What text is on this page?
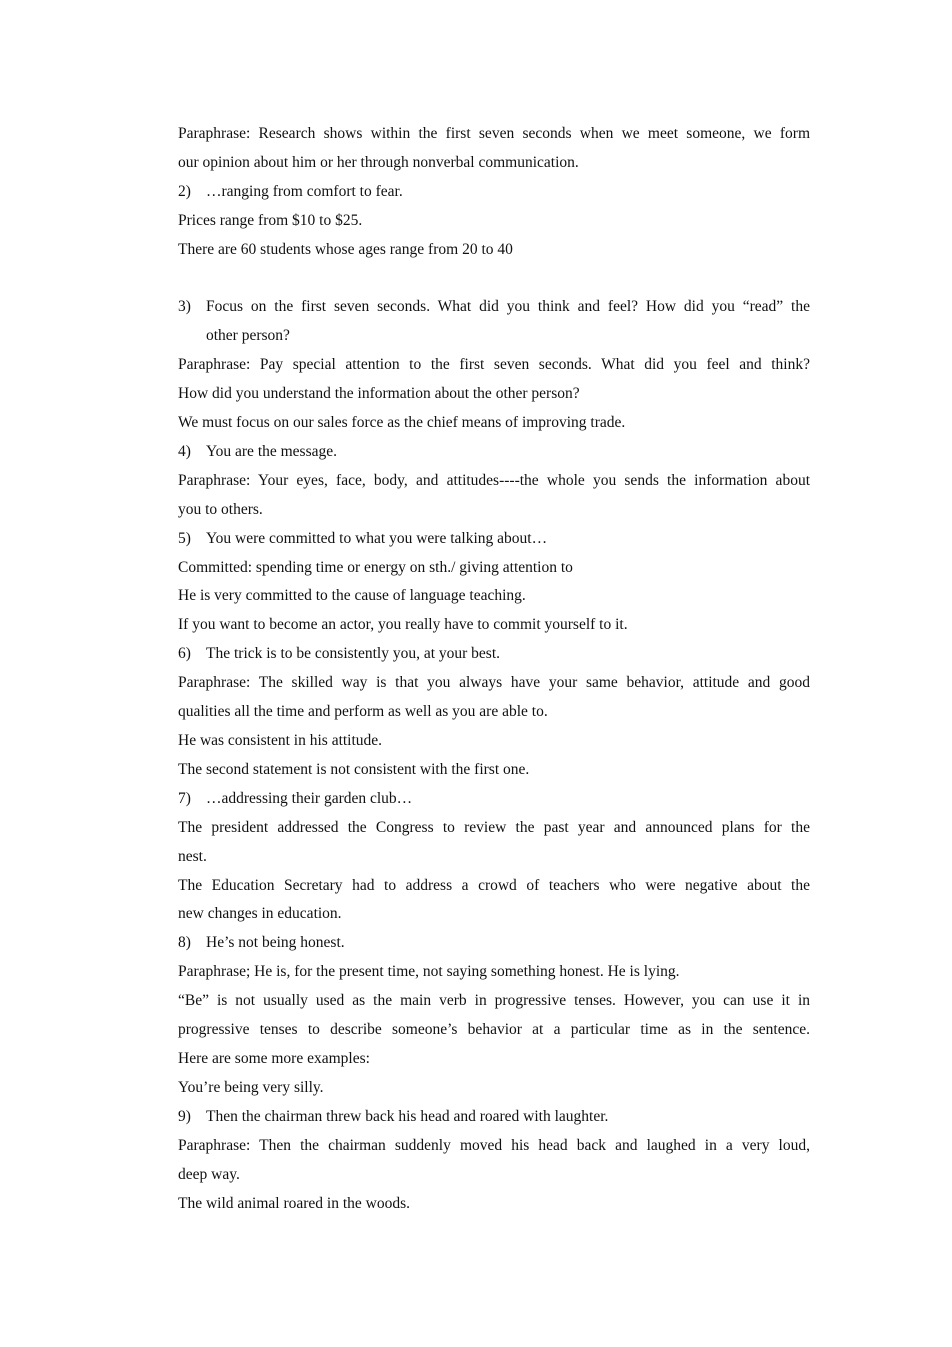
Paraphrase: Research shows within the first seven seconds when we meet someone, we form
our opinion about him or her through nonverbal communication.
2) …ranging from comfort to fear.
Prices range from $10 to $25.
There are 60 students whose ages range from 20 to 40
3) Focus on the first seven seconds. What did you think and feel? How did you “read” the
other person?
Paraphrase: Pay special attention to the first seven seconds. What did you feel and think?
How did you understand the information about the other person?
We must focus on our sales force as the chief means of improving trade.
4) You are the message.
Paraphrase: Your eyes, face, body, and attitudes----the whole you sends the information about
you to others.
5) You were committed to what you were talking about…
Committed: spending time or energy on sth./ giving attention to
He is very committed to the cause of language teaching.
If you want to become an actor, you really have to commit yourself to it.
6) The trick is to be consistently you, at your best.
Paraphrase: The skilled way is that you always have your same behavior, attitude and good
qualities all the time and perform as well as you are able to.
He was consistent in his attitude.
The second statement is not consistent with the first one.
7) …addressing their garden club…
The president addressed the Congress to review the past year and announced plans for the
nest.
The Education Secretary had to address a crowd of teachers who were negative about the
new changes in education.
8) He’s not being honest.
Paraphrase; He is, for the present time, not saying something honest. He is lying.
“Be” is not usually used as the main verb in progressive tenses. However, you can use it in
progressive tenses to describe someone’s behavior at a particular time as in the sentence.
Here are some more examples:
You’re being very silly.
9) Then the chairman threw back his head and roared with laughter.
Paraphrase: Then the chairman suddenly moved his head back and laughed in a very loud,
deep way.
The wild animal roared in the woods.
